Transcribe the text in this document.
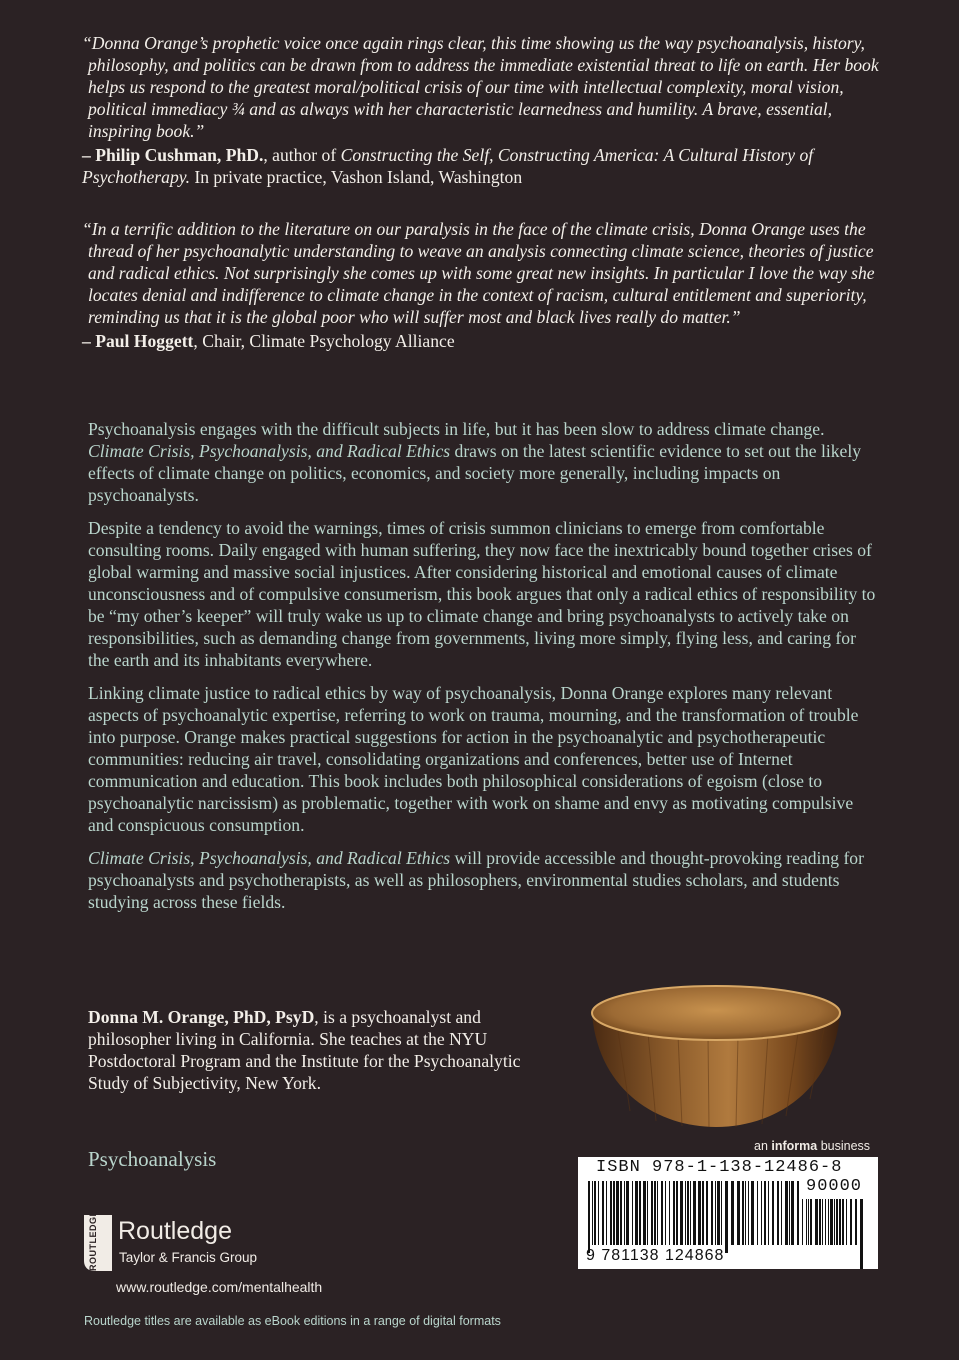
“Donna Orange’s prophetic voice once again rings clear, this time showing us the way psychoanalysis, history, philosophy, and politics can be drawn from to address the immediate existential threat to life on earth. Her book helps us respond to the greatest moral/political crisis of our time with intellectual complexity, moral vision, political immediacy ¾ and as always with her characteristic learnedness and humility. A brave, essential, inspiring book.”

– Philip Cushman, PhD., author of Constructing the Self, Constructing America: A Cultural History of Psychotherapy. In private practice, Vashon Island, Washington

“In a terrific addition to the literature on our paralysis in the face of the climate crisis, Donna Orange uses the thread of her psychoanalytic understanding to weave an analysis connecting climate science, theories of justice and radical ethics. Not surprisingly she comes up with some great new insights. In particular I love the way she locates denial and indifference to climate change in the context of racism, cultural entitlement and superiority, reminding us that it is the global poor who will suffer most and black lives really do matter.”

– Paul Hoggett, Chair, Climate Psychology Alliance

Psychoanalysis engages with the difficult subjects in life, but it has been slow to address climate change. Climate Crisis, Psychoanalysis, and Radical Ethics draws on the latest scientific evidence to set out the likely effects of climate change on politics, economics, and society more generally, including impacts on psychoanalysts.

Despite a tendency to avoid the warnings, times of crisis summon clinicians to emerge from comfortable consulting rooms. Daily engaged with human suffering, they now face the inextricably bound together crises of global warming and massive social injustices. After considering historical and emotional causes of climate unconsciousness and of compulsive consumerism, this book argues that only a radical ethics of responsibility to be “my other’s keeper” will truly wake us up to climate change and bring psychoanalysts to actively take on responsibilities, such as demanding change from governments, living more simply, flying less, and caring for the earth and its inhabitants everywhere.

Linking climate justice to radical ethics by way of psychoanalysis, Donna Orange explores many relevant aspects of psychoanalytic expertise, referring to work on trauma, mourning, and the transformation of trouble into purpose. Orange makes practical suggestions for action in the psychoanalytic and psychotherapeutic communities: reducing air travel, consolidating organizations and conferences, better use of Internet communication and education. This book includes both philosophical considerations of egoism (close to psychoanalytic narcissism) as problematic, together with work on shame and envy as motivating compulsive and conspicuous consumption.

Climate Crisis, Psychoanalysis, and Radical Ethics will provide accessible and thought-provoking reading for psychoanalysts and psychotherapists, as well as philosophers, environmental studies scholars, and students studying across these fields.

Donna M. Orange, PhD, PsyD, is a psychoanalyst and philosopher living in California. She teaches at the NYU Postdoctoral Program and the Institute for the Psychoanalytic Study of Subjectivity, New York.
Psychoanalysis
an informa business
ISBN 978-1-138-12486-8
90000
9 781138 124868
ROUTLEDGE Routledge
Taylor & Francis Group
www.routledge.com/mentalhealth
Routledge titles are available as eBook editions in a range of digital formats
